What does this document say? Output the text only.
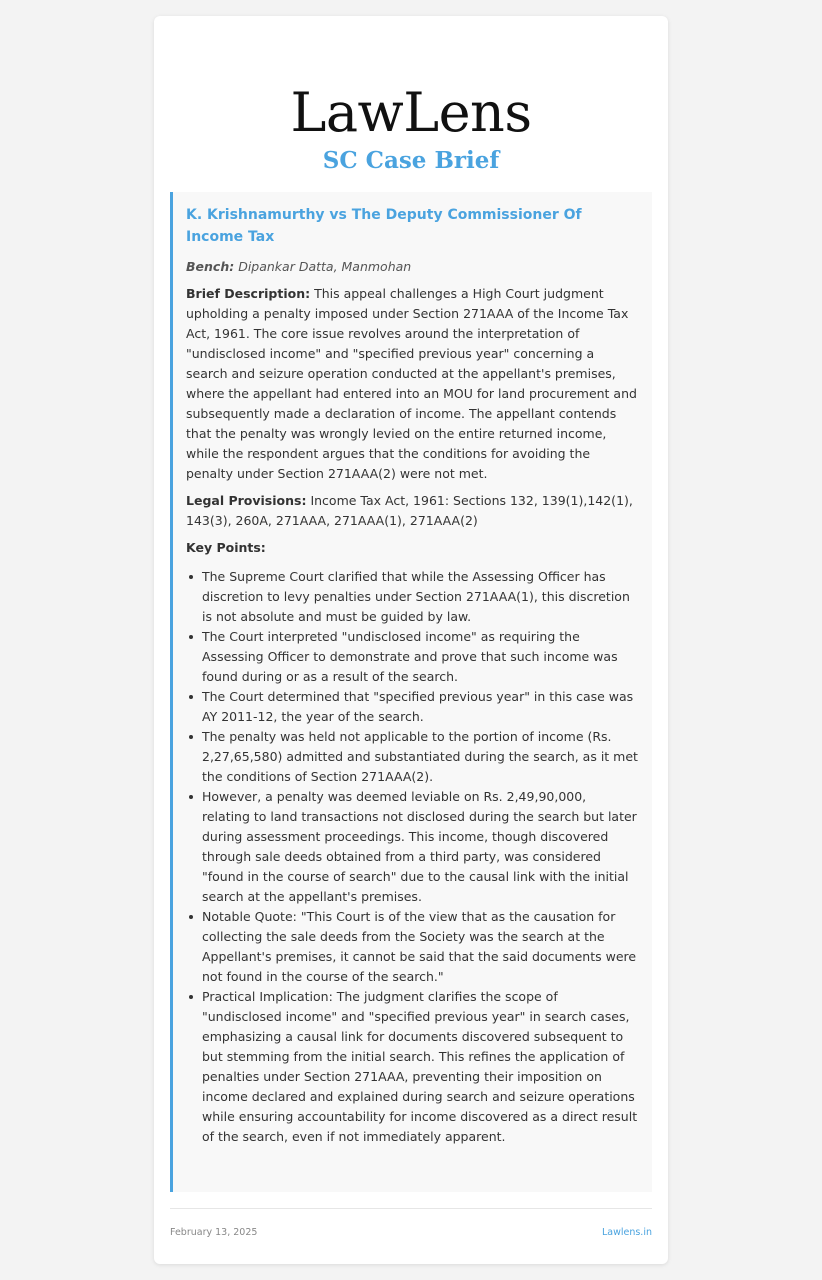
LawLens
SC Case Brief
K. Krishnamurthy vs The Deputy Commissioner Of Income Tax
Bench: Dipankar Datta, Manmohan

Brief Description: This appeal challenges a High Court judgment upholding a penalty imposed under Section 271AAA of the Income Tax Act, 1961. The core issue revolves around the interpretation of "undisclosed income" and "specified previous year" concerning a search and seizure operation conducted at the appellant's premises, where the appellant had entered into an MOU for land procurement and subsequently made a declaration of income. The appellant contends that the penalty was wrongly levied on the entire returned income, while the respondent argues that the conditions for avoiding the penalty under Section 271AAA(2) were not met.

Legal Provisions: Income Tax Act, 1961: Sections 132, 139(1),142(1), 143(3), 260A, 271AAA, 271AAA(1), 271AAA(2)

Key Points:
The Supreme Court clarified that while the Assessing Officer has discretion to levy penalties under Section 271AAA(1), this discretion is not absolute and must be guided by law.
The Court interpreted "undisclosed income" as requiring the Assessing Officer to demonstrate and prove that such income was found during or as a result of the search.
The Court determined that "specified previous year" in this case was AY 2011-12, the year of the search.
The penalty was held not applicable to the portion of income (Rs. 2,27,65,580) admitted and substantiated during the search, as it met the conditions of Section 271AAA(2).
However, a penalty was deemed leviable on Rs. 2,49,90,000, relating to land transactions not disclosed during the search but later during assessment proceedings. This income, though discovered through sale deeds obtained from a third party, was considered "found in the course of search" due to the causal link with the initial search at the appellant's premises.
Notable Quote: "This Court is of the view that as the causation for collecting the sale deeds from the Society was the search at the Appellant's premises, it cannot be said that the said documents were not found in the course of the search."
Practical Implication: The judgment clarifies the scope of "undisclosed income" and "specified previous year" in search cases, emphasizing a causal link for documents discovered subsequent to but stemming from the initial search. This refines the application of penalties under Section 271AAA, preventing their imposition on income declared and explained during search and seizure operations while ensuring accountability for income discovered as a direct result of the search, even if not immediately apparent.
February 13, 2025	Lawlens.in
